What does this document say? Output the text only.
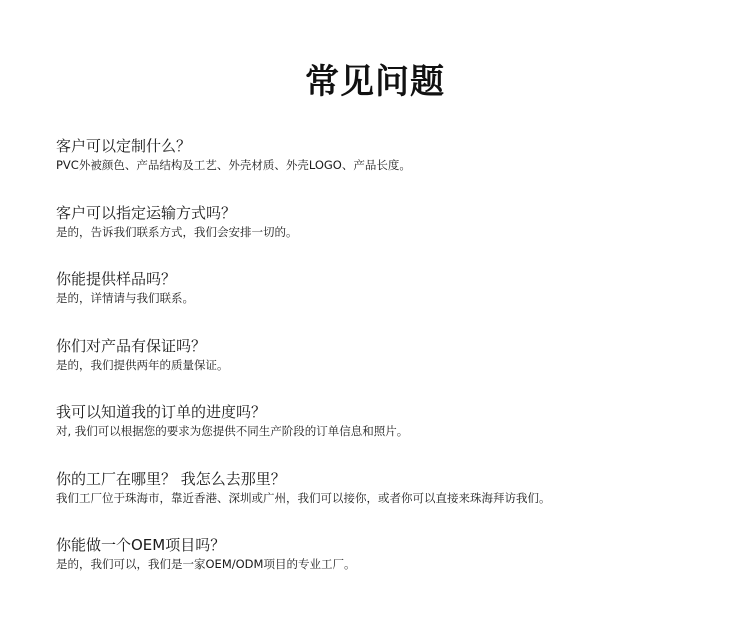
常见问题
客户可以定制什么？
PVC外被颜色、产品结构及工艺、外壳材质、外壳LOGO、产品长度。
客户可以指定运输方式吗？
是的，告诉我们联系方式，我们会安排一切的。
你能提供样品吗？
是的，详情请与我们联系。
你们对产品有保证吗？
是的，我们提供两年的质量保证。
我可以知道我的订单的进度吗？
对, 我们可以根据您的要求为您提供不同生产阶段的订单信息和照片。
你的工厂在哪里？ 我怎么去那里？
我们工厂位于珠海市，靠近香港、深圳或广州，我们可以接你，或者你可以直接来珠海拜访我们。
你能做一个OEM项目吗？
是的，我们可以，我们是一家OEM/ODM项目的专业工厂。
